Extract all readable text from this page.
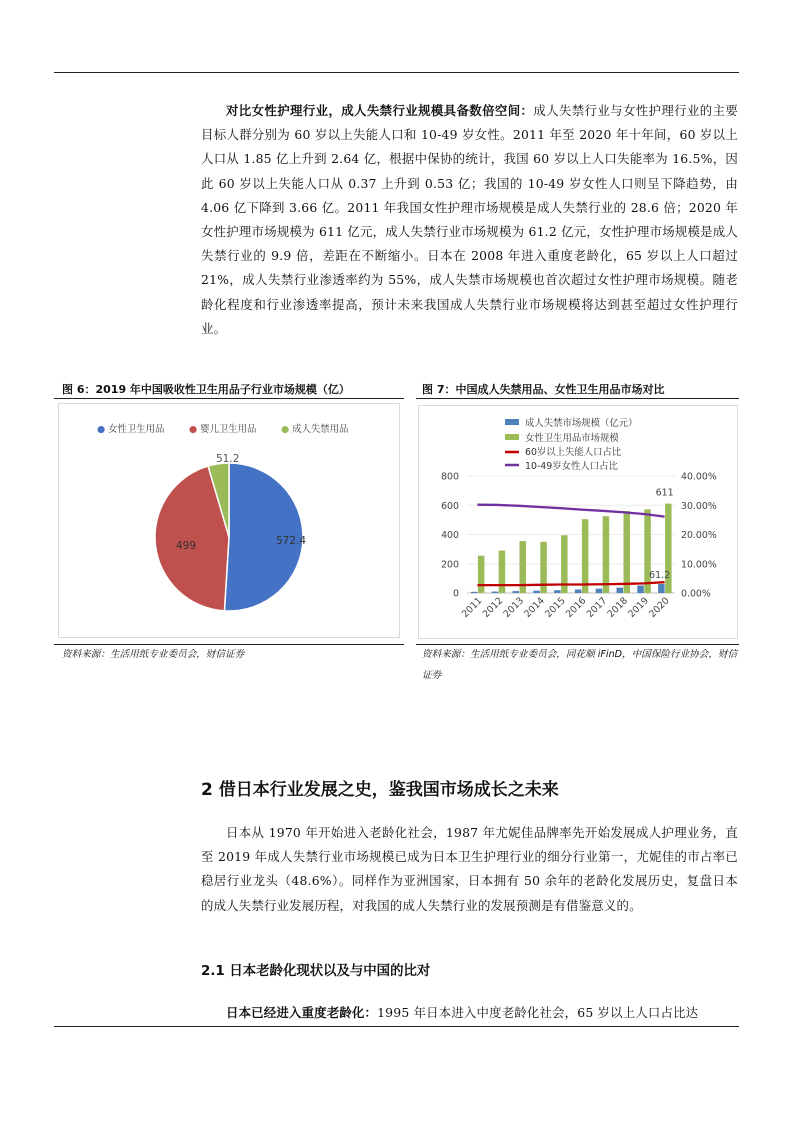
对比女性护理行业，成人失禁行业规模具备数倍空间：成人失禁行业与女性护理行业的主要目标人群分别为 60 岁以上失能人口和 10-49 岁女性。2011 年至 2020 年十年间，60 岁以上人口从 1.85 亿上升到 2.64 亿，根据中保协的统计，我国 60 岁以上人口失能率为 16.5%，因此 60 岁以上失能人口从 0.37 上升到 0.53 亿；我国的 10-49 岁女性人口则呈下降趋势，由 4.06 亿下降到 3.66 亿。2011 年我国女性护理市场规模是成人失禁行业的 28.6 倍；2020 年女性护理市场规模为 611 亿元，成人失禁行业市场规模为 61.2 亿元，女性护理市场规模是成人失禁行业的 9.9 倍，差距在不断缩小。日本在 2008 年进入重度老龄化，65 岁以上人口超过 21%，成人失禁行业渗透率约为 55%，成人失禁市场规模也首次超过女性护理市场规模。随老龄化程度和行业渗透率提高，预计未来我国成人失禁行业市场规模将达到甚至超过女性护理行业。
图 6：2019 年中国吸收性卫生用品子行业市场规模（亿）
● 女性卫生用品	● 婴儿卫生用品	● 成人失禁用品
572.4
499
51.2
资料来源：生活用纸专业委员会，财信证券
图 7：中国成人失禁用品、女性卫生用品市场对比
成人失禁市场规模（亿元）
女性卫生用品市场规模
60岁以上失能人口占比
10-49岁女性人口占比
0
200
400
600
800
0.00%
10.00%
20.00%
30.00%
40.00%
2011
2012
2013
2014
2015
2016
2017
2018
2019
2020
611
61.2
资料来源：生活用纸专业委员会，同花顺 iFinD，中国保险行业协会，财信证券
2 借日本行业发展之史，鉴我国市场成长之未来
日本从 1970 年开始进入老龄化社会，1987 年尤妮佳品牌率先开始发展成人护理业务，直至 2019 年成人失禁行业市场规模已成为日本卫生护理行业的细分行业第一，尤妮佳的市占率已稳居行业龙头（48.6%）。同样作为亚洲国家，日本拥有 50 余年的老龄化发展历史，复盘日本的成人失禁行业发展历程，对我国的成人失禁行业的发展预测是有借鉴意义的。
2.1 日本老龄化现状以及与中国的比对
日本已经进入重度老龄化：1995 年日本进入中度老龄化社会，65 岁以上人口占比达
